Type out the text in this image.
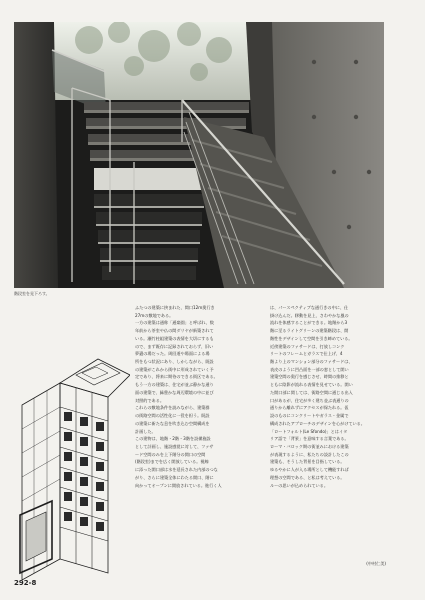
階段室を見下ろす。

ふたつの建築に挟まれた、間口12m奥行き

27mの敷地である。

一方の建築は通称「通楽園」と呼ばれ、数

年前から茶室や仏の間ダリヤが新築されて

いる。瀬竹柱組建築の表情を大切にするも

ので、まず既存に記録されておらず、旧い

夢遺の場だった。周回道や場面による場

所をもつ状況にあり、しかしながら、既設

の建築がこれから街中に形成されていく予

定であり、将来に期待のできる街区である。

もう一方の建築は、住宅が並ぶ静かな通り

面の建築で、緑豊かな周辺環境の中に並び

対照的である。

これらの敷地条件を読みながら、建築群

の街路空間の活性化に一役を担う。既設

の建築に新たな息を吹き込む空間構成を

計画した。

この建物は、地階・2階・3階を設備施設

として計画し、施設感覚に対して、ファサ

ード空間のみを上下階分の開口の空間

(階段室)までを広く開放している。視線

に添った開口部は水を延長された内部のつな

がり、さらに建築全体にわたる開口、階に

向かってオープンに開放されている。進行く人

は、パースペクティブな通行きの中に、仕

掛け込んだ。移動を見上、さわやかな風の

流れを体感することができる。地階から3

階に至るライトグリーンの建築階段は、開

階性をデザインして空間を引き締めている。

近傍建築のファサードは、打放しコンク

リートのフレームとガラスで仕上げ、4

階より上のマンション部分のファサードは、

表皮のように凹凸面を一部の窓として開い

建築空間の奥行を感じさせ、時間の推移と

ともに陰影が流れる表情を見せている。開い

た開口部に関しては、街路空間に通じる出入

口があるが、住宅が多く建ち並ぶ表通りの

通りから離れずにアクセスが保たれる。仮

設のものにコンクリートやガラス・金属で

構成されたアプローチのデザインを心がけている。

「ロートフォルト(Le Sfondo)」とはイタ

リア語で「背景」を意味する言葉である。

ローマ・バロック期の街並みにおける建築

が表現するように、私たちの設計したこの

建築も、そうした背景を目指している。

ゆるやかに人が入る場所として機能すれば

理想の空間である、と私は考えている。

ルーの思いが込められている。

(中村仁美)
292-8
